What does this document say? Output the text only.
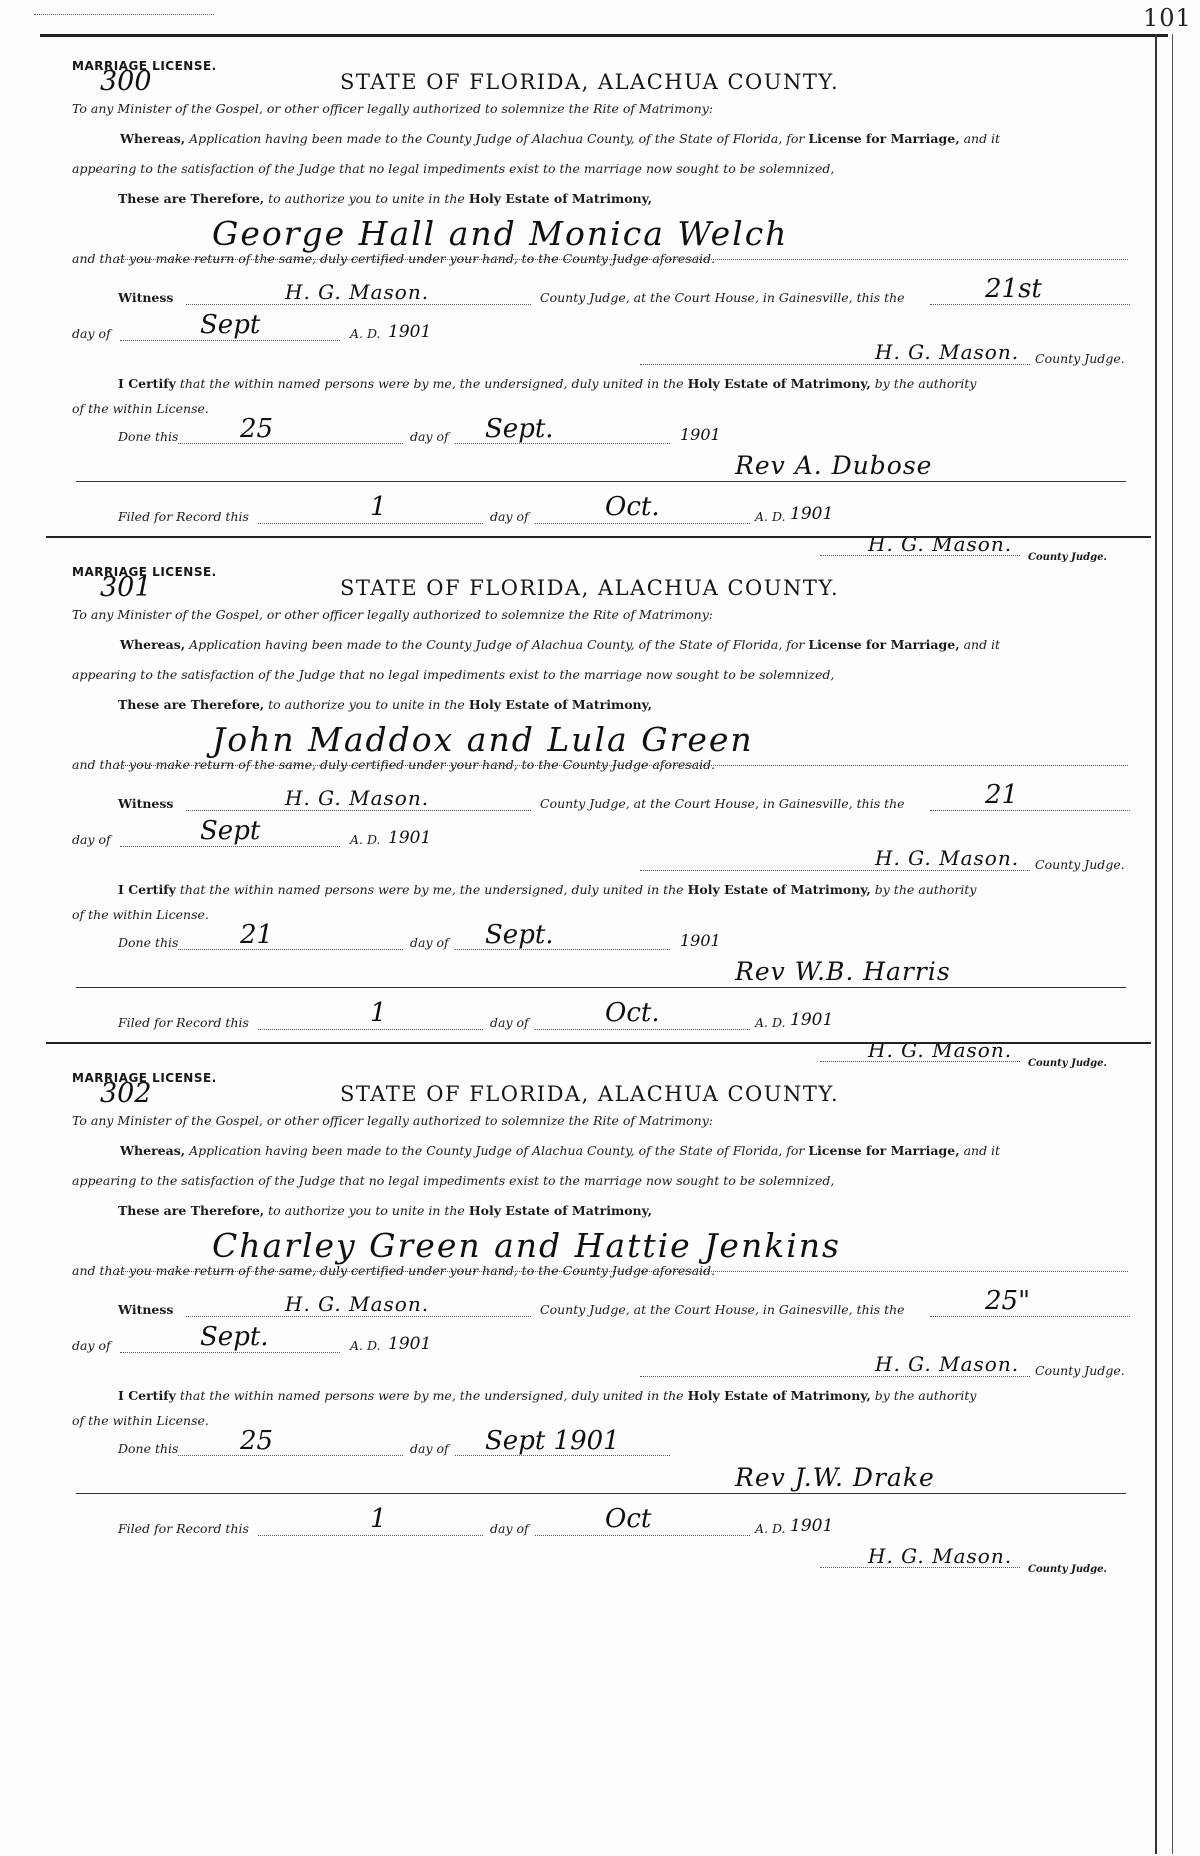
101
MARRIAGE LICENSE.
300	STATE OF FLORIDA, ALACHUA COUNTY.
To any Minister of the Gospel, or other officer legally authorized to solemnize the Rite of Matrimony:
Whereas, Application having been made to the County Judge of Alachua County, of the State of Florida, for License for Marriage, and it
appearing to the satisfaction of the Judge that no legal impediments exist to the marriage now sought to be solemnized,
These are Therefore, to authorize you to unite in the Holy Estate of Matrimony,
George Hall and Monica Welch
and that you make return of the same, duly certified under your hand, to the County Judge aforesaid.
Witness	H. G. Mason.	County Judge, at the Court House, in Gainesville, this the	21st
day of	Sept	A. D. 1901
H. G. Mason. County Judge.
I Certify that the within named persons were by me, the undersigned, duly united in the Holy Estate of Matrimony, by the authority
of the within License.
Done this 25	day of Sept.	1901
Rev A. Dubose
Filed for Record this	1	day of	Oct.	A. D. 1901
H. G. Mason.
County Judge.
MARRIAGE LICENSE.
301	STATE OF FLORIDA, ALACHUA COUNTY.
To any Minister of the Gospel, or other officer legally authorized to solemnize the Rite of Matrimony:
Whereas, Application having been made to the County Judge of Alachua County, of the State of Florida, for License for Marriage, and it
appearing to the satisfaction of the Judge that no legal impediments exist to the marriage now sought to be solemnized,
These are Therefore, to authorize you to unite in the Holy Estate of Matrimony,
John Maddox and Lula Green
and that you make return of the same, duly certified under your hand, to the County Judge aforesaid.
Witness	H. G. Mason.	County Judge, at the Court House, in Gainesville, this the	21
day of	Sept	A. D. 1901
H. G. Mason. County Judge.
I Certify that the within named persons were by me, the undersigned, duly united in the Holy Estate of Matrimony, by the authority
of the within License.
Done this 21	day of Sept.	1901
Rev W.B. Harris
Filed for Record this	1	day of	Oct.	A. D. 1901
H. G. Mason.
County Judge.
MARRIAGE LICENSE.
302	STATE OF FLORIDA, ALACHUA COUNTY.
To any Minister of the Gospel, or other officer legally authorized to solemnize the Rite of Matrimony:
Whereas, Application having been made to the County Judge of Alachua County, of the State of Florida, for License for Marriage, and it
appearing to the satisfaction of the Judge that no legal impediments exist to the marriage now sought to be solemnized,
These are Therefore, to authorize you to unite in the Holy Estate of Matrimony,
Charley Green and Hattie Jenkins
and that you make return of the same, duly certified under your hand, to the County Judge aforesaid.
Witness	H. G. Mason.	County Judge, at the Court House, in Gainesville, this the	25"
day of	Sept.	A. D. 1901
H. G. Mason. County Judge.
I Certify that the within named persons were by me, the undersigned, duly united in the Holy Estate of Matrimony, by the authority
of the within License.
Done this 25	day of Sept 1901
Rev J.W. Drake
Filed for Record this	1	day of	Oct	A. D. 1901
H. G. Mason.
County Judge.
